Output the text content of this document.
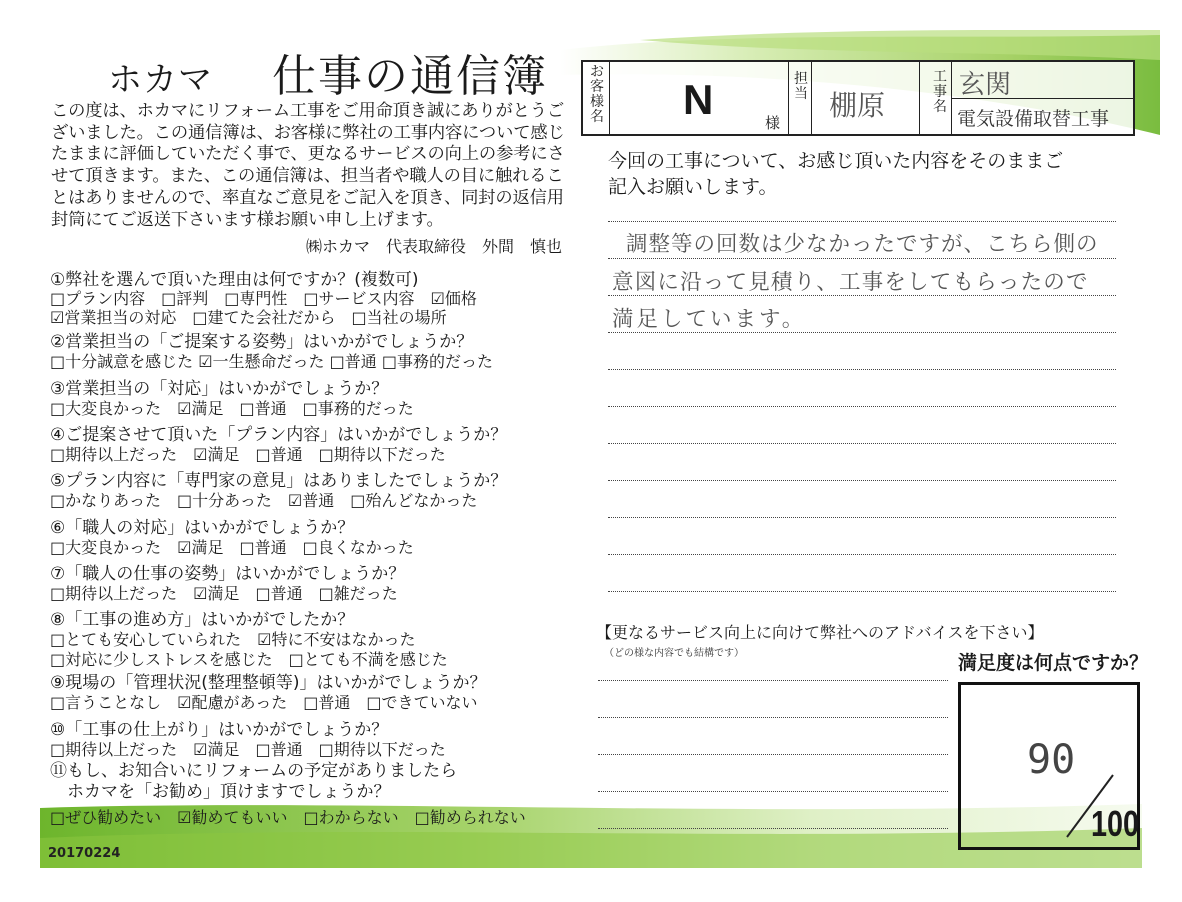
ホカマ 仕事の通信簿
この度は、ホカマにリフォーム工事をご用命頂き誠にありがとうご
ざいました。この通信簿は、お客様に弊社の工事内容について感じ
たままに評価していただく事で、更なるサービスの向上の参考にさ
せて頂きます。また、この通信簿は、担当者や職人の目に触れるこ
とはありませんので、率直なご意見をご記入を頂き、同封の返信用
封筒にてご返送下さいます様お願い申し上げます。
㈱ホカマ　代表取締役　外間　慎也
①弊社を選んで頂いた理由は何ですか？(複数可)
□プラン内容　□評判　□専門性　□サービス内容　☑価格
☑営業担当の対応　□建てた会社だから　□当社の場所
②営業担当の「ご提案する姿勢」はいかがでしょうか？
□十分誠意を感じた ☑一生懸命だった □普通 □事務的だった
③営業担当の「対応」はいかがでしょうか？
□大変良かった　☑満足　□普通　□事務的だった
④ご提案させて頂いた「プラン内容」はいかがでしょうか？
□期待以上だった　☑満足　□普通　□期待以下だった
⑤プラン内容に「専門家の意見」はありましたでしょうか？
□かなりあった　□十分あった　☑普通　□殆んどなかった
⑥「職人の対応」はいかがでしょうか？
□大変良かった　☑満足　□普通　□良くなかった
⑦「職人の仕事の姿勢」はいかがでしょうか？
□期待以上だった　☑満足　□普通　□雑だった
⑧「工事の進め方」はいかがでしたか？
□とても安心していられた　☑特に不安はなかった
□対応に少しストレスを感じた　□とても不満を感じた
⑨現場の「管理状況(整理整頓等)」はいかがでしょうか？
□言うことなし　☑配慮があった　□普通　□できていない
⑩「工事の仕上がり」はいかがでしょうか？
□期待以上だった　☑満足　□普通　□期待以下だった
⑪もし、お知合いにリフォームの予定がありましたら
　ホカマを「お勧め」頂けますでしょうか？
□ぜひ勧めたい　☑勧めてもいい　□わからない　□勧められない
20170224
お客様名 N	様
担当 棚原
工事名
玄関
電気設備取替工事
今回の工事について、お感じ頂いた内容をそのままご
記入お願いします。
調整等の回数は少なかったですが、こちら側の
意図に沿って見積り、工事をしてもらったので
満足しています。
【更なるサービス向上に向けて弊社へのアドバイスを下さい】
（どの様な内容でも結構です）	満足度は何点ですか？
90
100
